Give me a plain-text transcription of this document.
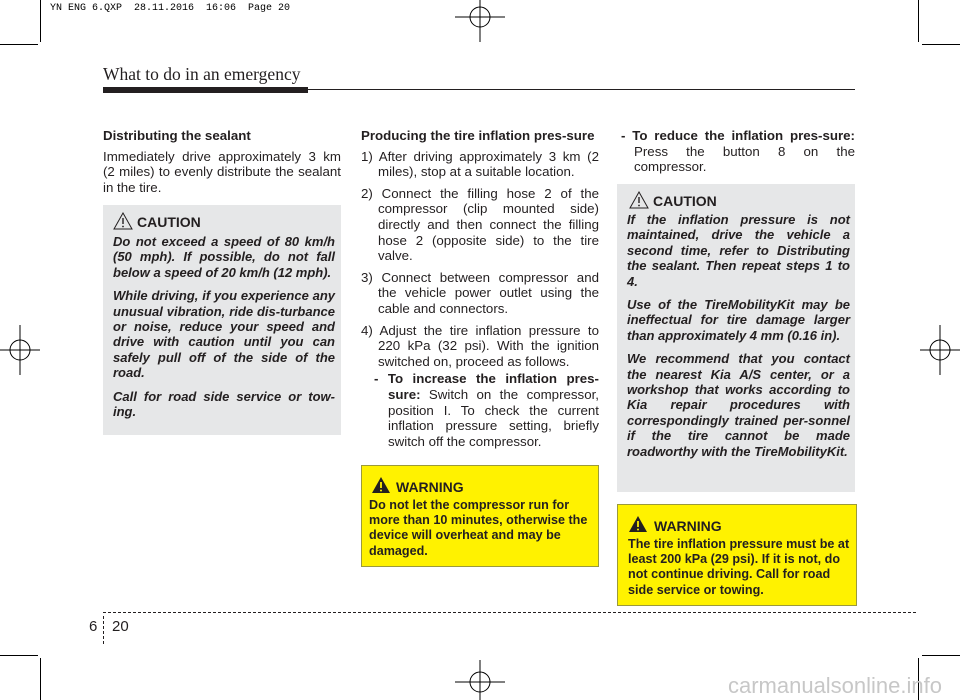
YN ENG 6.QXP  28.11.2016  16:06  Page 20
What to do in an emergency

Distributing the sealant

Immediately drive approximately 3 km (2 miles) to evenly distribute the sealant in the tire.

CAUTION

Do not exceed a speed of 80 km/h (50 mph). If possible, do not fall below a speed of 20 km/h (12 mph).

While driving, if you experience any unusual vibration, ride dis-turbance or noise, reduce your speed and drive with caution until you can safely pull off of the side of the road.

Call for road side service or tow-ing.

Producing the tire inflation pres-sure

1) After driving approximately 3 km (2 miles), stop at a suitable location.

2) Connect the filling hose 2 of the compressor (clip mounted side) directly and then connect the filling hose 2 (opposite side) to the tire valve.

3) Connect between compressor and the vehicle power outlet using the cable and connectors.

4) Adjust the tire inflation pressure to 220 kPa (32 psi). With the ignition switched on, proceed as follows.

- To increase the inflation pres-sure: Switch on the compressor, position I. To check the current inflation pressure setting, briefly switch off the compressor.

WARNING

Do not let the compressor run for more than 10 minutes, otherwise the device will overheat and may be damaged.

- To reduce the inflation pres-sure: Press the button 8 on the compressor.

CAUTION

If the inflation pressure is not maintained, drive the vehicle a second time, refer to Distributing the sealant. Then repeat steps 1 to 4.

Use of the TireMobilityKit may be ineffectual for tire damage larger than approximately 4 mm (0.16 in).

We recommend that you contact the nearest Kia A/S center, or a workshop that works according to Kia repair procedures with correspondingly trained per-sonnel if the tire cannot be made roadworthy with the TireMobilityKit.

WARNING

The tire inflation pressure must be at least 200 kPa (29 psi). If it is not, do not continue driving. Call for road side service or towing.

6 20
carmanualsonline.info
